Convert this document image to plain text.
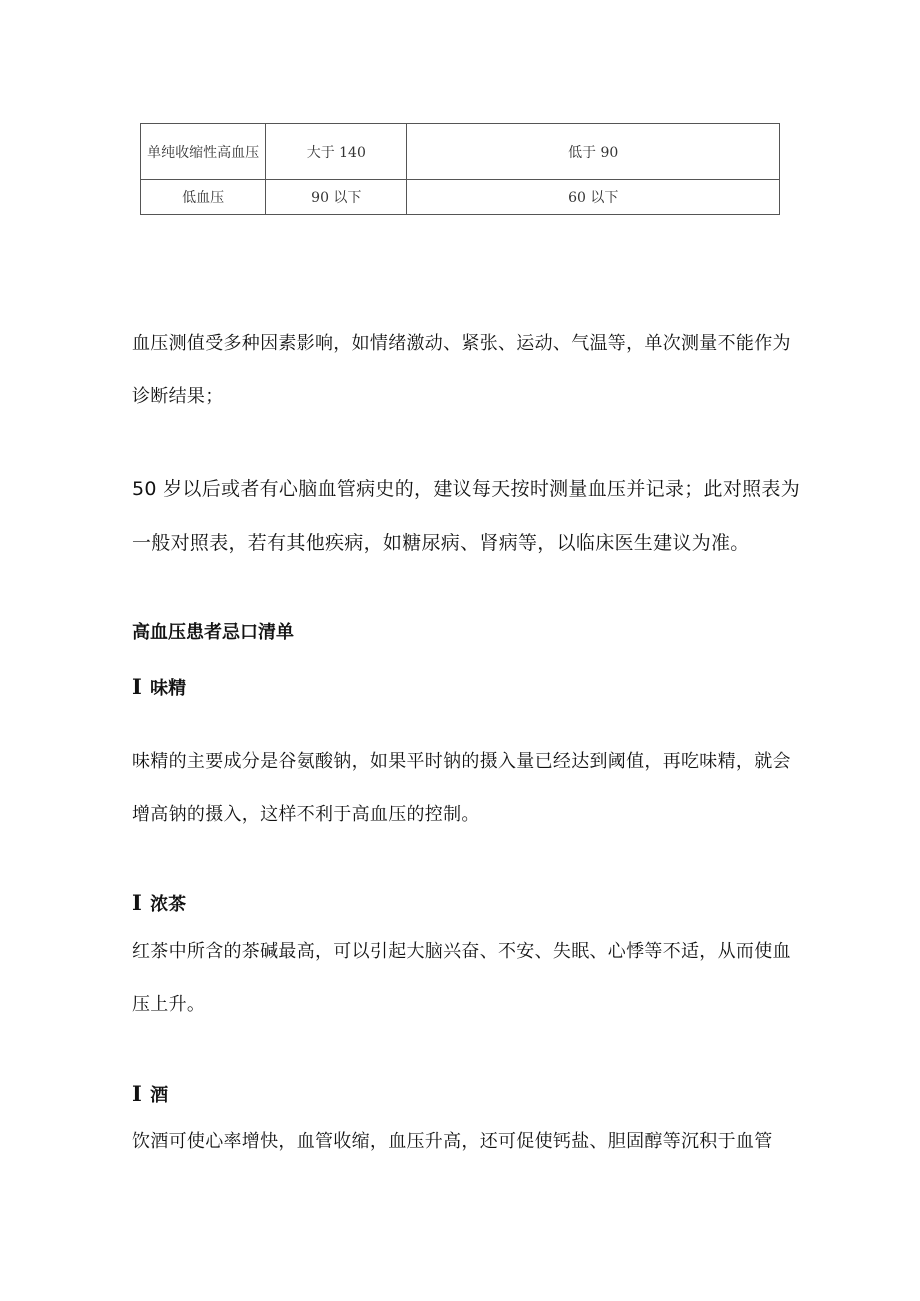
单纯收缩性高血压	大于 140	低于 90
低血压	90 以下	60 以下

血压测值受多种因素影响，如情绪激动、紧张、运动、气温等，单次测量不能作为诊断结果；

50 岁以后或者有心脑血管病史的，建议每天按时测量血压并记录；此对照表为一般对照表，若有其他疾病，如糖尿病、肾病等，以临床医生建议为准。

高血压患者忌口清单
I 味精

味精的主要成分是谷氨酸钠，如果平时钠的摄入量已经达到阈值，再吃味精，就会增高钠的摄入，这样不利于高血压的控制。

I 浓茶

红茶中所含的茶碱最高，可以引起大脑兴奋、不安、失眠、心悸等不适，从而使血压上升。

I 酒

饮酒可使心率增快，血管收缩，血压升高，还可促使钙盐、胆固醇等沉积于血管
